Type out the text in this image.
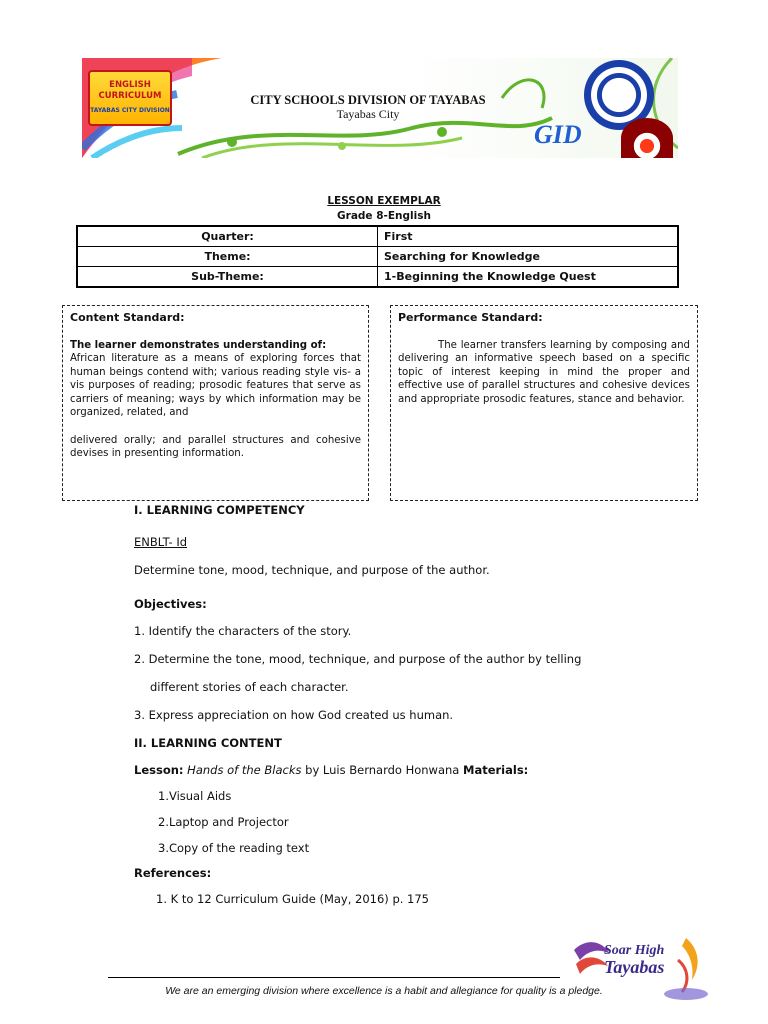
ENGLISH CURRICULUM
TAYABAS CITY DIVISION
CITY SCHOOLS DIVISION OF TAYABAS
Tayabas City
GID
LESSON EXEMPLAR
Grade 8-English
Quarter:	First
Theme:	Searching for Knowledge
Sub-Theme:	1-Beginning the Knowledge Quest
Content Standard:
The learner demonstrates understanding of:
African literature as a means of exploring forces that human beings contend with; various reading style vis- a vis purposes of reading; prosodic features that serve as carriers of meaning; ways by which information may be organized, related, and
delivered orally; and parallel structures and cohesive devises in presenting information.
Performance Standard:
The learner transfers learning by composing and delivering an informative speech based on a specific topic of interest keeping in mind the proper and effective use of parallel structures and cohesive devices and appropriate prosodic features, stance and behavior.
I. LEARNING COMPETENCY
ENBLT- Id
Determine tone, mood, technique, and purpose of the author.
Objectives:
1. Identify the characters of the story.
2. Determine the tone, mood, technique, and purpose of the author by telling
different stories of each character.
3. Express appreciation on how God created us human.
II. LEARNING CONTENT
Lesson: Hands of the Blacks by Luis Bernardo Honwana Materials:
1.Visual Aids
2.Laptop and Projector
3.Copy of the reading text
References:
1. K to 12 Curriculum Guide (May, 2016) p. 175
Soar High
Tayabas
We are an emerging division where excellence is a habit and allegiance for quality is a pledge.
